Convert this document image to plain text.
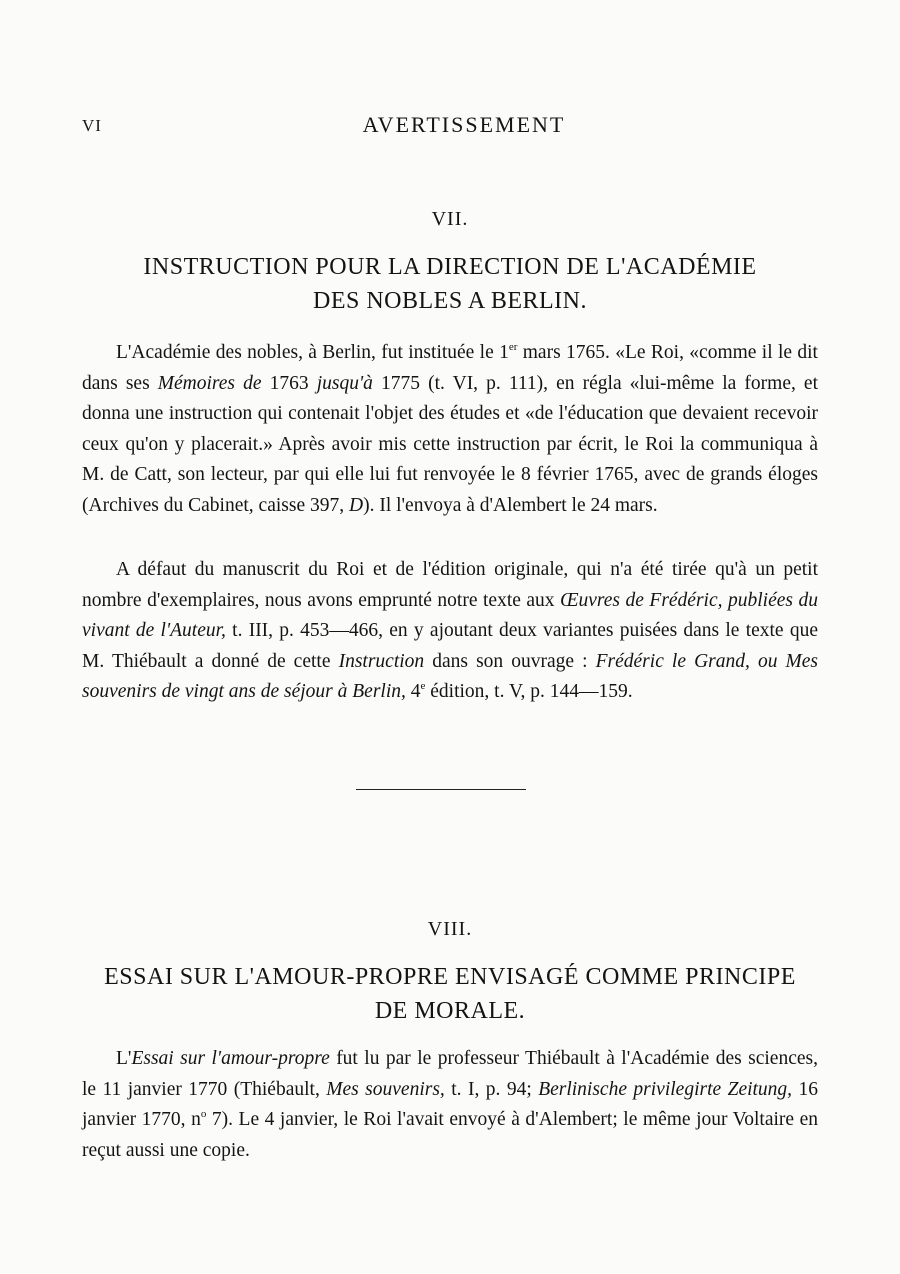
VI	AVERTISSEMENT
VII.
INSTRUCTION POUR LA DIRECTION DE L'ACADÉMIE
DES NOBLES A BERLIN.

L'Académie des nobles, à Berlin, fut instituée le 1er mars 1765. «Le Roi, «comme il le dit dans ses Mémoires de 1763 jusqu'à 1775 (t. VI, p. 111), en régla «lui-même la forme, et donna une instruction qui contenait l'objet des études et «de l'éducation que devaient recevoir ceux qu'on y placerait.» Après avoir mis cette instruction par écrit, le Roi la communiqua à M. de Catt, son lecteur, par qui elle lui fut renvoyée le 8 février 1765, avec de grands éloges (Archives du Cabinet, caisse 397, D). Il l'envoya à d'Alembert le 24 mars.

A défaut du manuscrit du Roi et de l'édition originale, qui n'a été tirée qu'à un petit nombre d'exemplaires, nous avons emprunté notre texte aux Œuvres de Frédéric, publiées du vivant de l'Auteur, t. III, p. 453—466, en y ajoutant deux variantes puisées dans le texte que M. Thiébault a donné de cette Instruction dans son ouvrage : Frédéric le Grand, ou Mes souvenirs de vingt ans de séjour à Berlin, 4e édition, t. V, p. 144—159.

VIII.
ESSAI SUR L'AMOUR-PROPRE ENVISAGÉ COMME PRINCIPE
DE MORALE.

L'Essai sur l'amour-propre fut lu par le professeur Thiébault à l'Académie des sciences, le 11 janvier 1770 (Thiébault, Mes souvenirs, t. I, p. 94; Berlinische privilegirte Zeitung, 16 janvier 1770, $n^o$ 7). Le 4 janvier, le Roi l'avait envoyé à d'Alembert; le même jour Voltaire en reçut aussi une copie.
